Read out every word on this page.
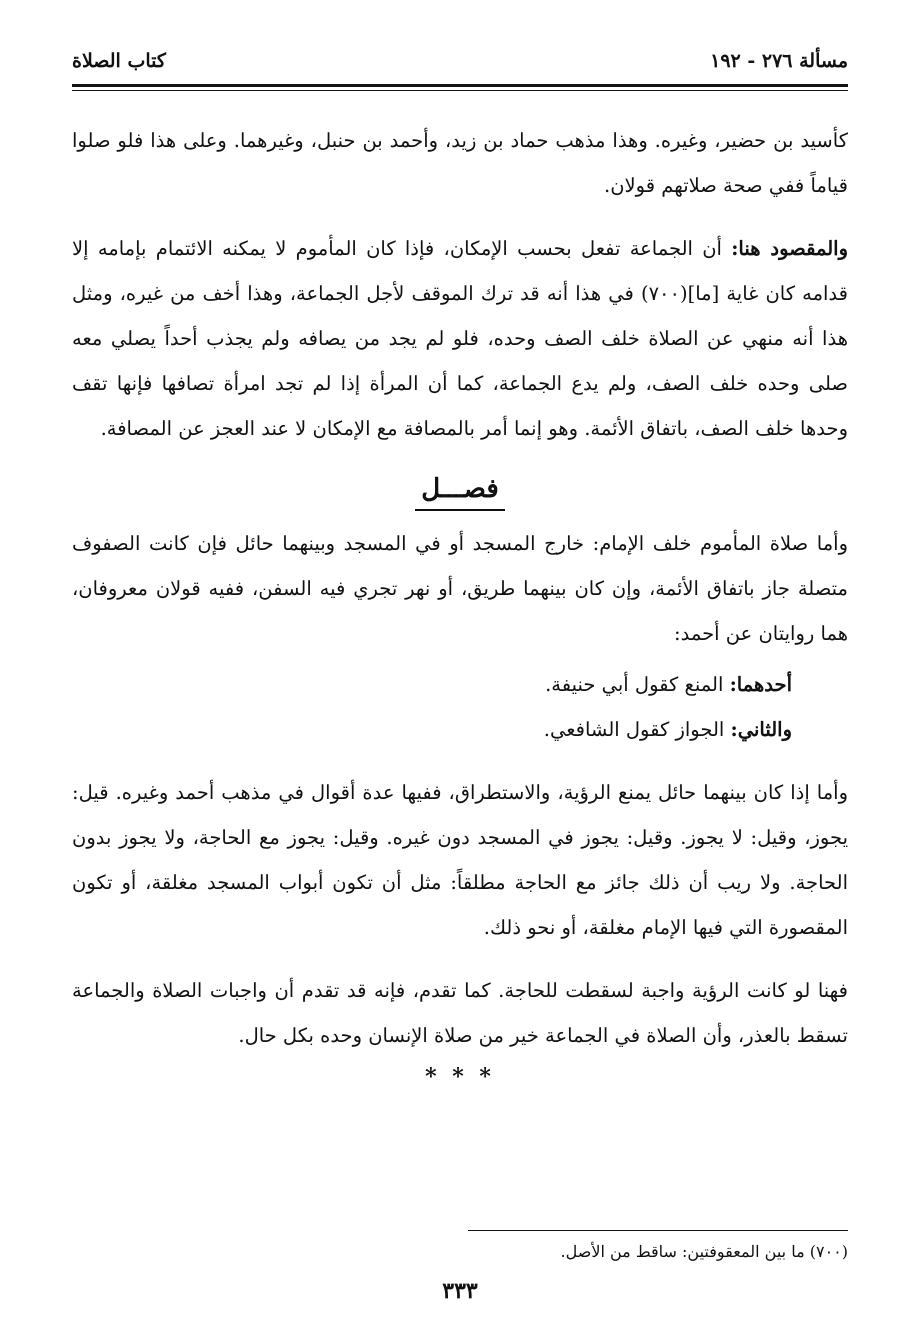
مسألة ٢٧٦ - ١٩٢
كتاب الصلاة

كأسيد بن حضير، وغيره. وهذا مذهب حماد بن زيد، وأحمد بن حنبل، وغيرهما. وعلى هذا فلو صلوا قياماً ففي صحة صلاتهم قولان.

والمقصود هنا: أن الجماعة تفعل بحسب الإمكان، فإذا كان المأموم لا يمكنه الائتمام بإمامه إلا قدامه كان غاية [ما](٧٠٠) في هذا أنه قد ترك الموقف لأجل الجماعة، وهذا أخف من غيره، ومثل هذا أنه منهي عن الصلاة خلف الصف وحده، فلو لم يجد من يصافه ولم يجذب أحداً يصلي معه صلى وحده خلف الصف، ولم يدع الجماعة، كما أن المرأة إذا لم تجد امرأة تصافها فإنها تقف وحدها خلف الصف، باتفاق الأئمة. وهو إنما أمر بالمصافة مع الإمكان لا عند العجز عن المصافة.

فصـــل

وأما صلاة المأموم خلف الإمام: خارج المسجد أو في المسجد وبينهما حائل فإن كانت الصفوف متصلة جاز باتفاق الأئمة، وإن كان بينهما طريق، أو نهر تجري فيه السفن، ففيه قولان معروفان، هما روايتان عن أحمد:

أحدهما: المنع كقول أبي حنيفة.

والثاني: الجواز كقول الشافعي.

وأما إذا كان بينهما حائل يمنع الرؤية، والاستطراق، ففيها عدة أقوال في مذهب أحمد وغيره. قيل: يجوز، وقيل: لا يجوز. وقيل: يجوز في المسجد دون غيره. وقيل: يجوز مع الحاجة، ولا يجوز بدون الحاجة. ولا ريب أن ذلك جائز مع الحاجة مطلقاً: مثل أن تكون أبواب المسجد مغلقة، أو تكون المقصورة التي فيها الإمام مغلقة، أو نحو ذلك.

فهنا لو كانت الرؤية واجبة لسقطت للحاجة. كما تقدم، فإنه قد تقدم أن واجبات الصلاة والجماعة تسقط بالعذر، وأن الصلاة في الجماعة خير من صلاة الإنسان وحده بكل حال.

* * *
(٧٠٠) ما بين المعقوفتين: ساقط من الأصل.
٣٣٣
